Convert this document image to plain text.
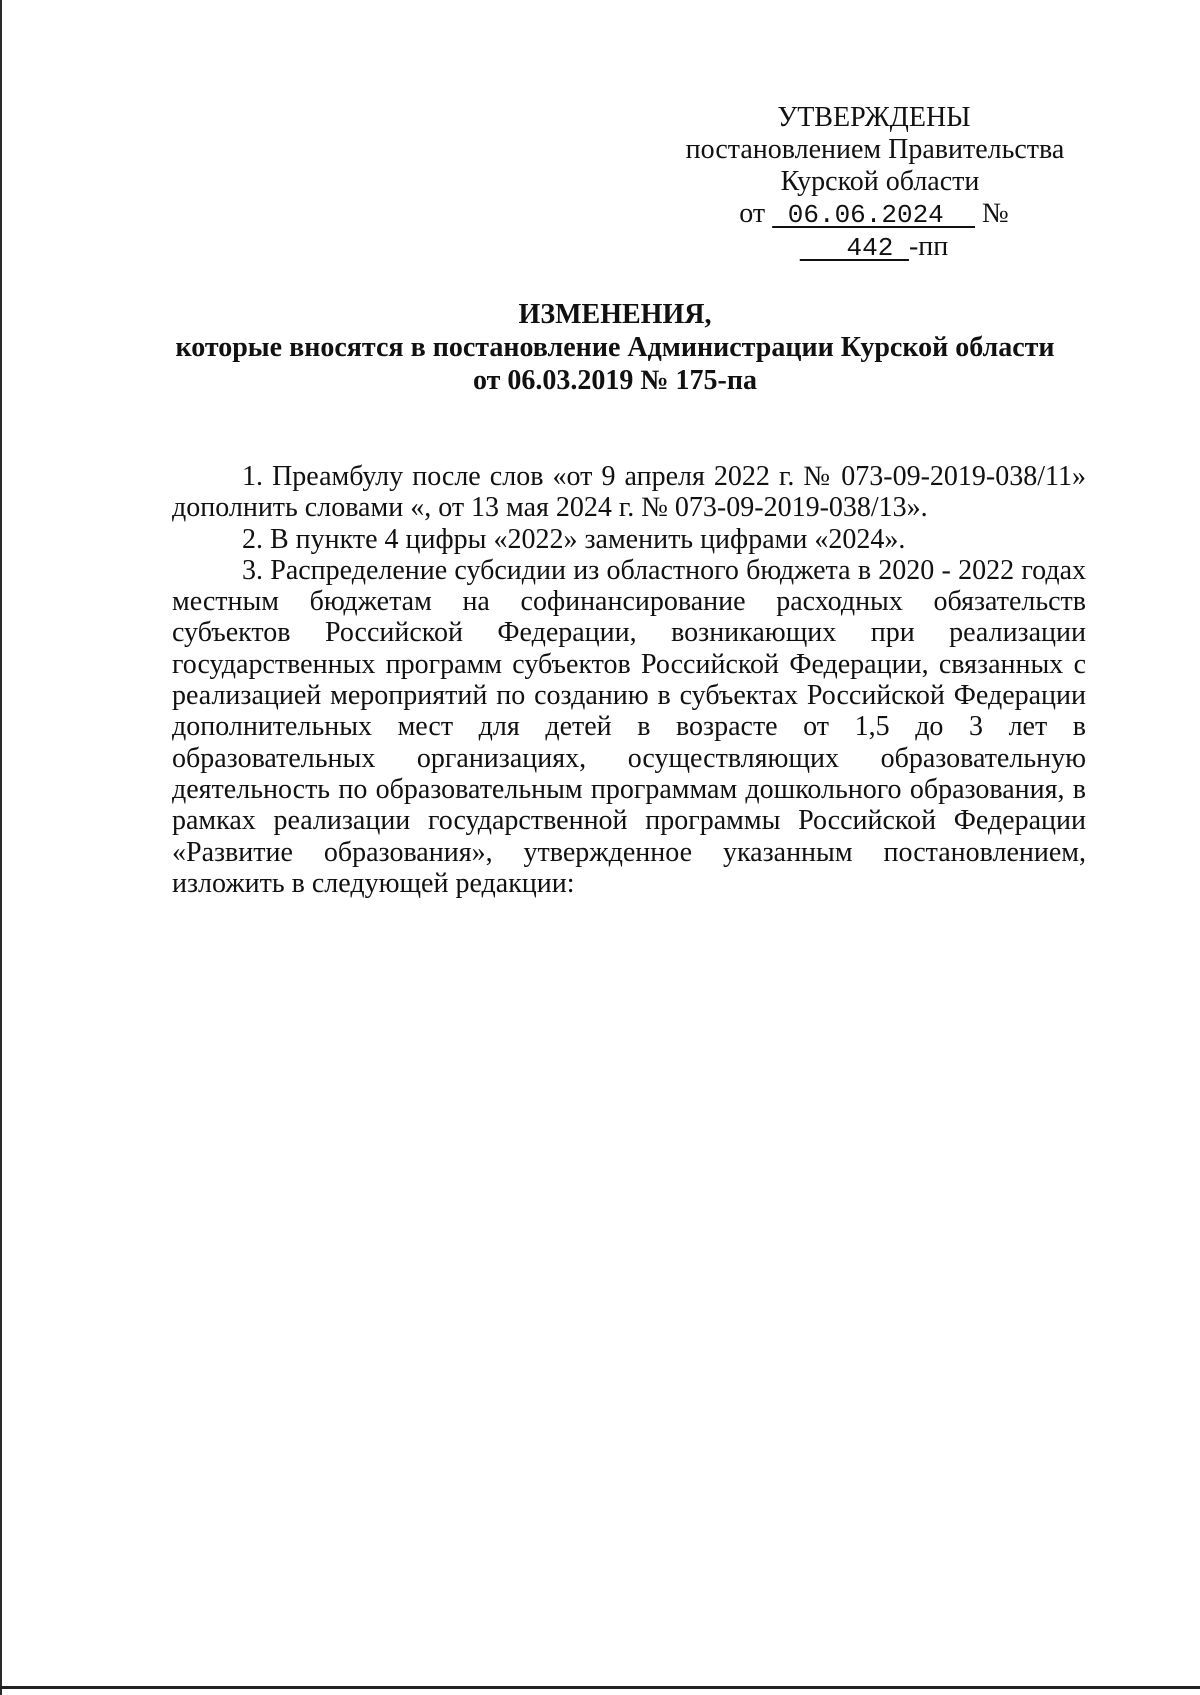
УТВЕРЖДЕНЫ
постановлением Правительства
Курской области
от  06.06.2024   №    442 -пп
ИЗМЕНЕНИЯ,
которые вносятся в постановление Администрации Курской области
от 06.03.2019 № 175-па

1. Преамбулу после слов «от 9 апреля 2022 г. № 073-09-2019-038/11» дополнить словами «, от 13 мая 2024 г. № 073-09-2019-038/13».

2. В пункте 4 цифры «2022» заменить цифрами «2024».

3. Распределение субсидии из областного бюджета в 2020 - 2022 годах местным бюджетам на софинансирование расходных обязательств субъектов Российской Федерации, возникающих при реализации государственных программ субъектов Российской Федерации, связанных с реализацией мероприятий по созданию в субъектах Российской Федерации дополнительных мест для детей в возрасте от 1,5 до 3 лет в образовательных организациях, осуществляющих образовательную деятельность по образовательным программам дошкольного образования, в рамках реализации государственной программы Российской Федерации «Развитие образования», утвержденное указанным постановлением, изложить в следующей редакции:
